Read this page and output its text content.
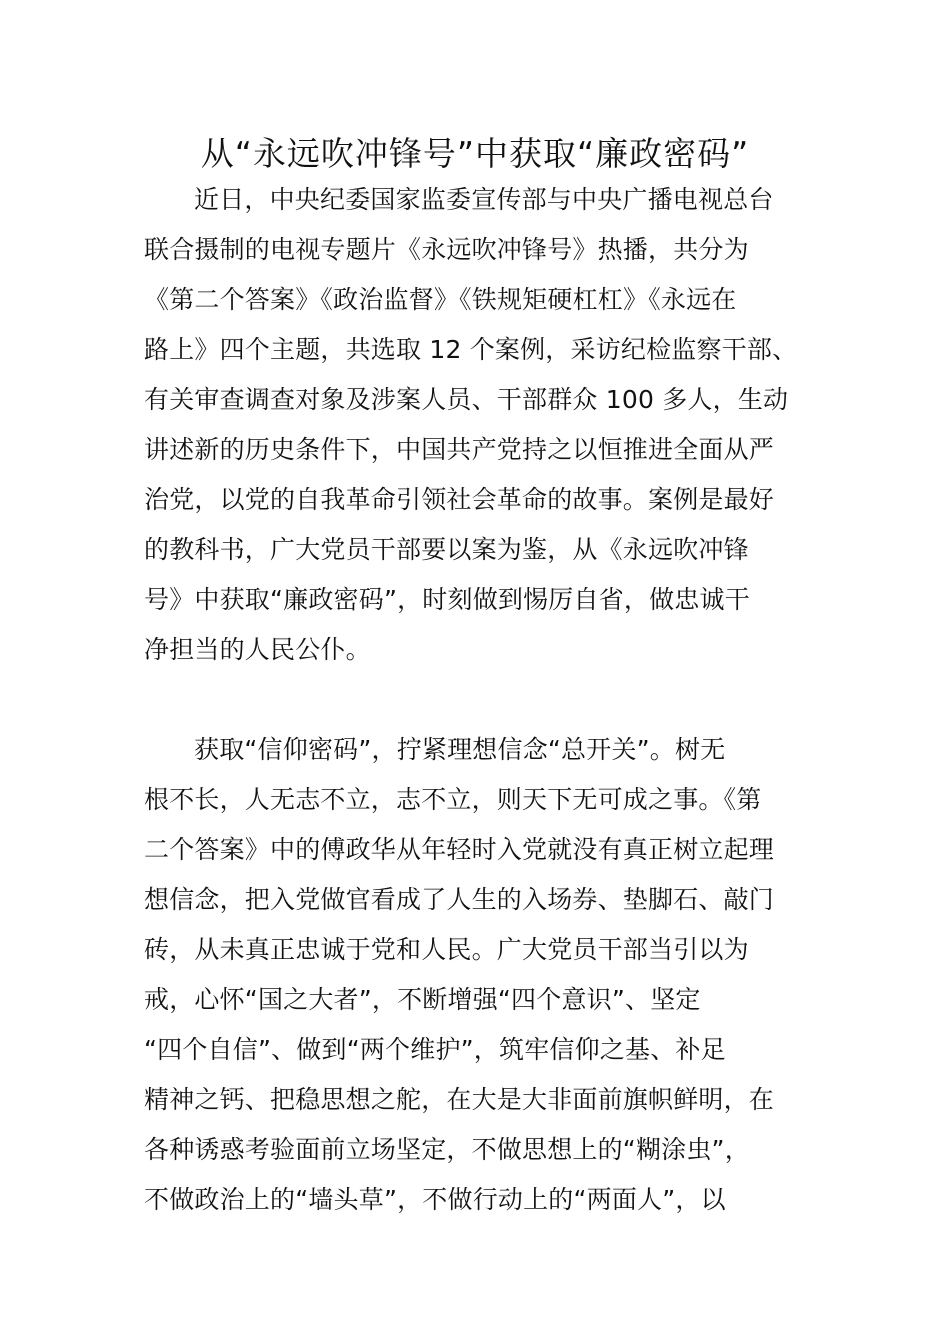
从“永远吹冲锋号”中获取“廉政密码”
近日，中央纪委国家监委宣传部与中央广播电视总台
联合摄制的电视专题片《永远吹冲锋号》热播，共分为
《第二个答案》《政治监督》《铁规矩硬杠杠》《永远在
路上》四个主题，共选取 12 个案例，采访纪检监察干部、
有关审查调查对象及涉案人员、干部群众 100 多人，生动
讲述新的历史条件下，中国共产党持之以恒推进全面从严
治党，以党的自我革命引领社会革命的故事。案例是最好
的教科书，广大党员干部要以案为鉴，从《永远吹冲锋
号》中获取“廉政密码”，时刻做到惕厉自省，做忠诚干
净担当的人民公仆。
获取“信仰密码”，拧紧理想信念“总开关”。树无
根不长，人无志不立，志不立，则天下无可成之事。《第
二个答案》中的傅政华从年轻时入党就没有真正树立起理
想信念，把入党做官看成了人生的入场券、垫脚石、敲门
砖，从未真正忠诚于党和人民。广大党员干部当引以为
戒，心怀“国之大者”，不断增强“四个意识”、坚定
“四个自信”、做到“两个维护”，筑牢信仰之基、补足
精神之钙、把稳思想之舵，在大是大非面前旗帜鲜明，在
各种诱惑考验面前立场坚定，不做思想上的“糊涂虫”，
不做政治上的“墙头草”，不做行动上的“两面人”，以
